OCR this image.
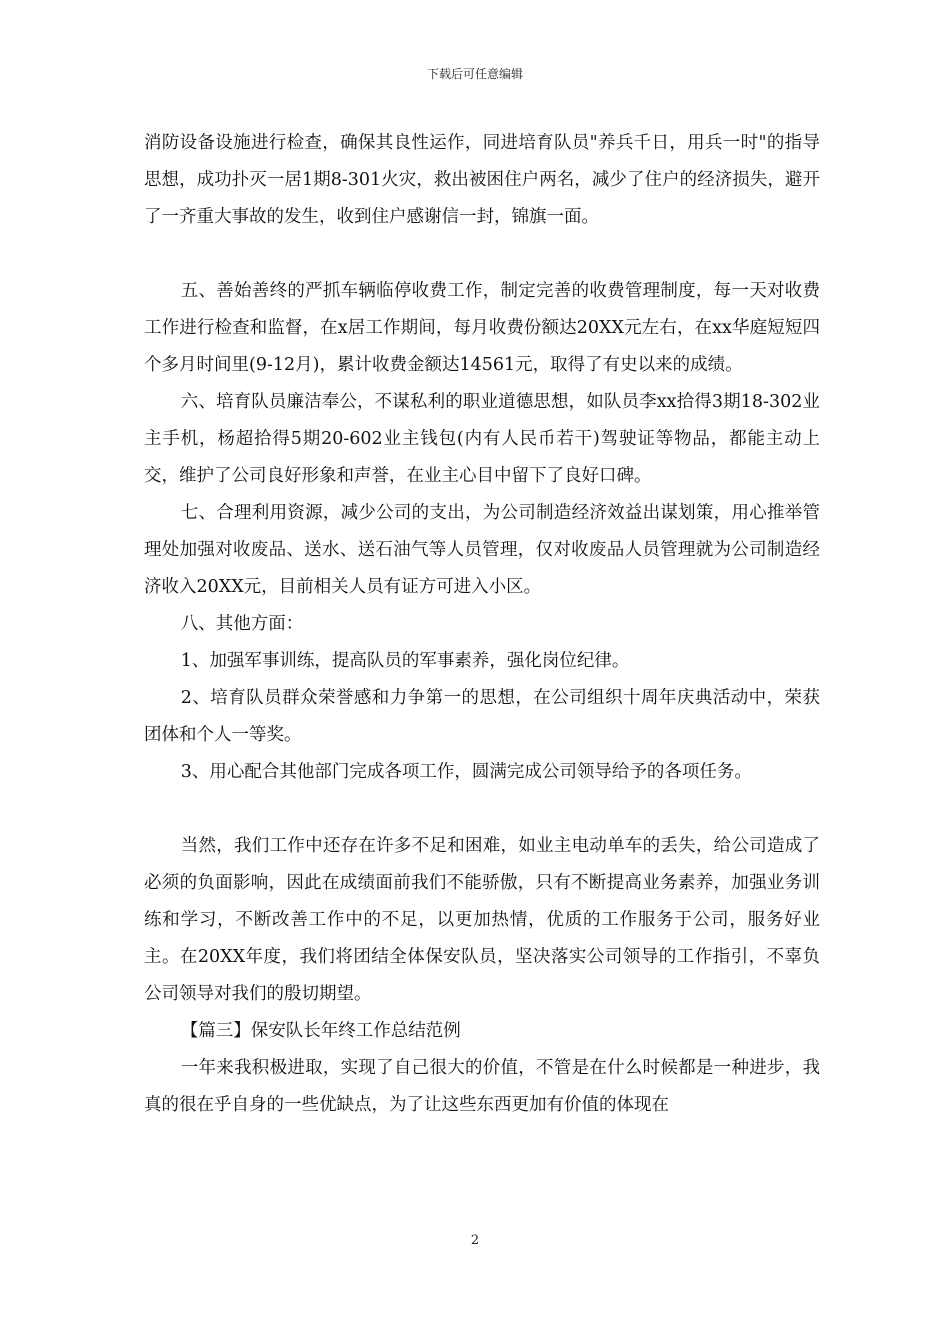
下载后可任意编辑

消防设备设施进行检查，确保其良性运作，同进培育队员"养兵千日，用兵一时"的指导思想，成功扑灭一居1期8-301火灾，救出被困住户两名，减少了住户的经济损失，避开了一齐重大事故的发生，收到住户感谢信一封，锦旗一面。

五、善始善终的严抓车辆临停收费工作，制定完善的收费管理制度，每一天对收费工作进行检查和监督，在x居工作期间，每月收费份额达20XX元左右，在xx华庭短短四个多月时间里(9-12月)，累计收费金额达14561元，取得了有史以来的成绩。

六、培育队员廉洁奉公，不谋私利的职业道德思想，如队员李xx拾得3期18-302业主手机，杨超拾得5期20-602业主钱包(内有人民币若干)驾驶证等物品，都能主动上交，维护了公司良好形象和声誉，在业主心目中留下了良好口碑。

七、合理利用资源，减少公司的支出，为公司制造经济效益出谋划策，用心推举管理处加强对收废品、送水、送石油气等人员管理，仅对收废品人员管理就为公司制造经济收入20XX元，目前相关人员有证方可进入小区。

八、其他方面：

1、加强军事训练，提高队员的军事素养，强化岗位纪律。

2、培育队员群众荣誉感和力争第一的思想，在公司组织十周年庆典活动中，荣获团体和个人一等奖。

3、用心配合其他部门完成各项工作，圆满完成公司领导给予的各项任务。

当然，我们工作中还存在许多不足和困难，如业主电动单车的丢失，给公司造成了必须的负面影响，因此在成绩面前我们不能骄傲，只有不断提高业务素养，加强业务训练和学习，不断改善工作中的不足，以更加热情，优质的工作服务于公司，服务好业主。在20XX年度，我们将团结全体保安队员，坚决落实公司领导的工作指引，不辜负公司领导对我们的殷切期望。

【篇三】保安队长年终工作总结范例

一年来我积极进取，实现了自己很大的价值，不管是在什么时候都是一种进步，我真的很在乎自身的一些优缺点，为了让这些东西更加有价值的体现在

2
